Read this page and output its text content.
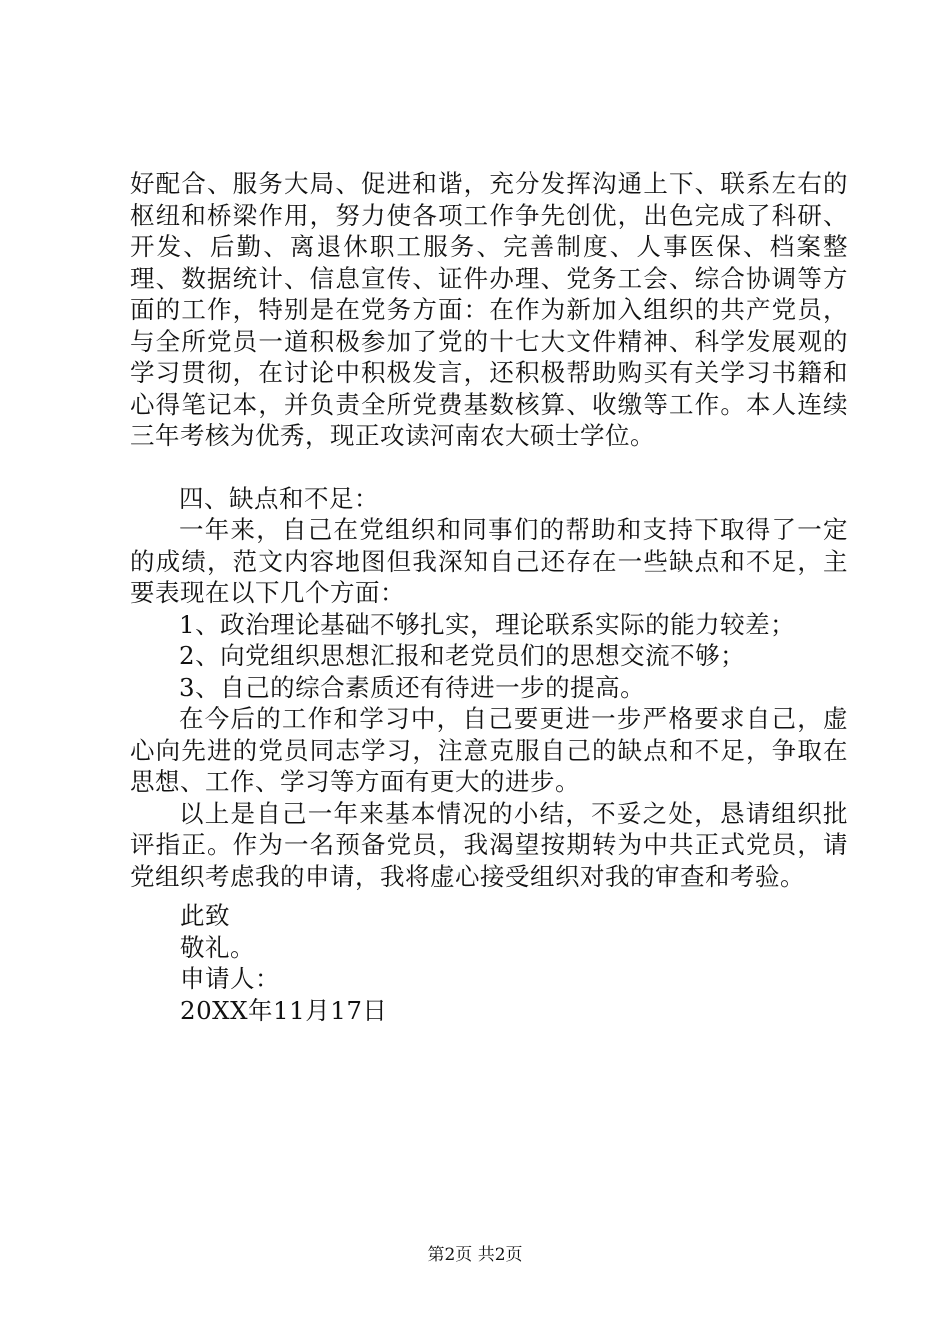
好配合、服务大局、促进和谐，充分发挥沟通上下、联系左右的枢纽和桥梁作用，努力使各项工作争先创优，出色完成了科研、开发、后勤、离退休职工服务、完善制度、人事医保、档案整理、数据统计、信息宣传、证件办理、党务工会、综合协调等方面的工作，特别是在党务方面：在作为新加入组织的共产党员，与全所党员一道积极参加了党的十七大文件精神、科学发展观的学习贯彻，在讨论中积极发言，还积极帮助购买有关学习书籍和心得笔记本，并负责全所党费基数核算、收缴等工作。本人连续三年考核为优秀，现正攻读河南农大硕士学位。

四、缺点和不足：

一年来，自己在党组织和同事们的帮助和支持下取得了一定的成绩，范文内容地图但我深知自己还存在一些缺点和不足，主要表现在以下几个方面：

1、政治理论基础不够扎实，理论联系实际的能力较差；

2、向党组织思想汇报和老党员们的思想交流不够；

3、自己的综合素质还有待进一步的提高。

在今后的工作和学习中，自己要更进一步严格要求自己，虚心向先进的党员同志学习，注意克服自己的缺点和不足，争取在思想、工作、学习等方面有更大的进步。

以上是自己一年来基本情况的小结，不妥之处，恳请组织批评指正。作为一名预备党员，我渴望按期转为中共正式党员，请党组织考虑我的申请，我将虚心接受组织对我的审查和考验。

此致
敬礼。
申请人：
20XX年11月17日
第2页 共2页
